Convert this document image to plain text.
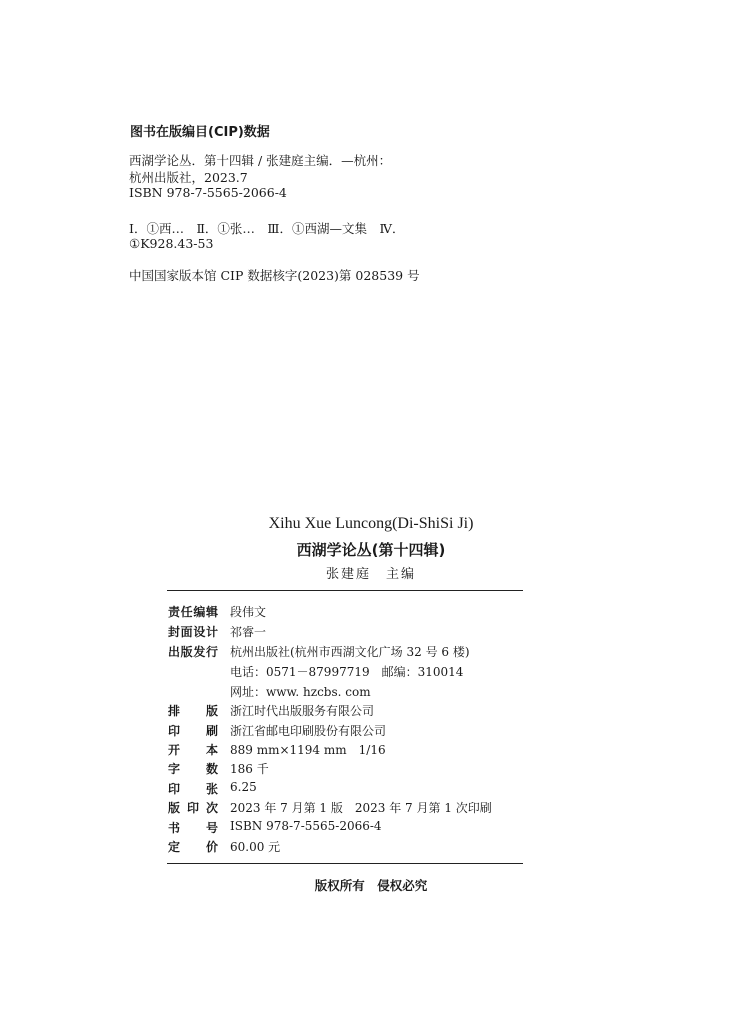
图书在版编目(CIP)数据
西湖学论丛．第十四辑 / 张建庭主编．—杭州：
杭州出版社，2023.7
ISBN 978-7-5565-2066-4
Ⅰ．①西…　Ⅱ．①张…　Ⅲ．①西湖—文集　Ⅳ．
①K928.43-53
中国国家版本馆 CIP 数据核字(2023)第 028539 号
Xihu Xue Luncong(Di-ShiSi Ji)
西湖学论丛(第十四辑)
张建庭　主编
责任编辑 段伟文
封面设计 祁睿一
出版发行 杭州出版社(杭州市西湖文化广场 32 号 6 楼)
电话：0571－87997719　邮编：310014
网址：www. hzcbs. com
排版 浙江时代出版服务有限公司
印刷 浙江省邮电印刷股份有限公司
开本 889 mm×1194 mm　1/16
字数 186 千
印张 6.25
版印次 2023 年 7 月第 1 版　2023 年 7 月第 1 次印刷
书号 ISBN 978-7-5565-2066-4
定价 60.00 元
版权所有　侵权必究
